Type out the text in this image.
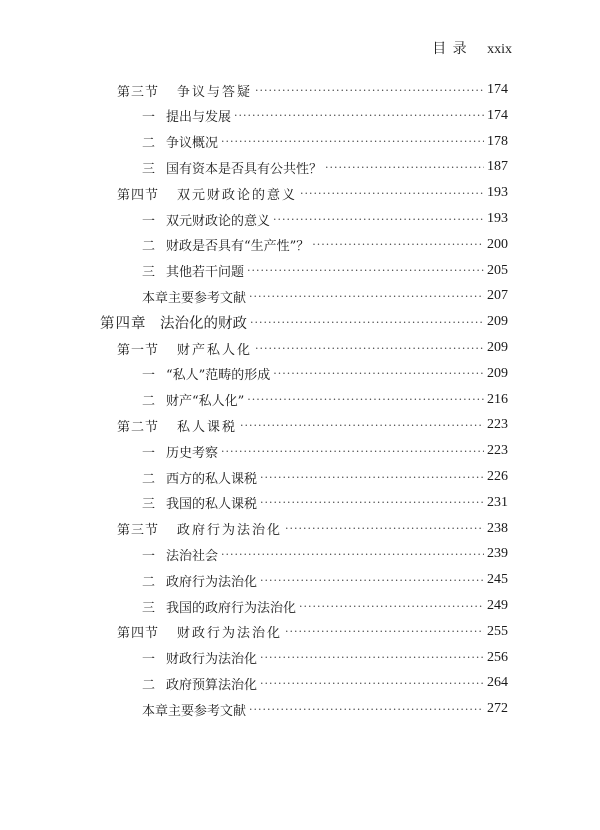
目 录 xxix
第三节	争议与答疑 ·····	174
一 提出与发展 ·····	174
二 争议概况 ·····	178
三 国有资本是否具有公共性？ ·····	187
第四节	双元财政论的意义 ·····	193
一 双元财政论的意义 ·····	193
二 财政是否具有“生产性”？ ·····	200
三 其他若干问题 ·····	205
本章主要参考文献 ·····	207
第四章 法治化的财政 ·····	209
第一节	财产私人化 ·····	209
一 “私人”范畴的形成 ·····	209
二 财产“私人化” ·····	216
第二节	私人课税 ·····	223
一 历史考察 ·····	223
二 西方的私人课税 ·····	226
三 我国的私人课税 ·····	231
第三节	政府行为法治化 ·····	238
一 法治社会 ·····	239
二 政府行为法治化 ·····	245
三 我国的政府行为法治化 ·····	249
第四节	财政行为法治化 ·····	255
一 财政行为法治化 ·····	256
二 政府预算法治化 ·····	264
本章主要参考文献 ·····	272
